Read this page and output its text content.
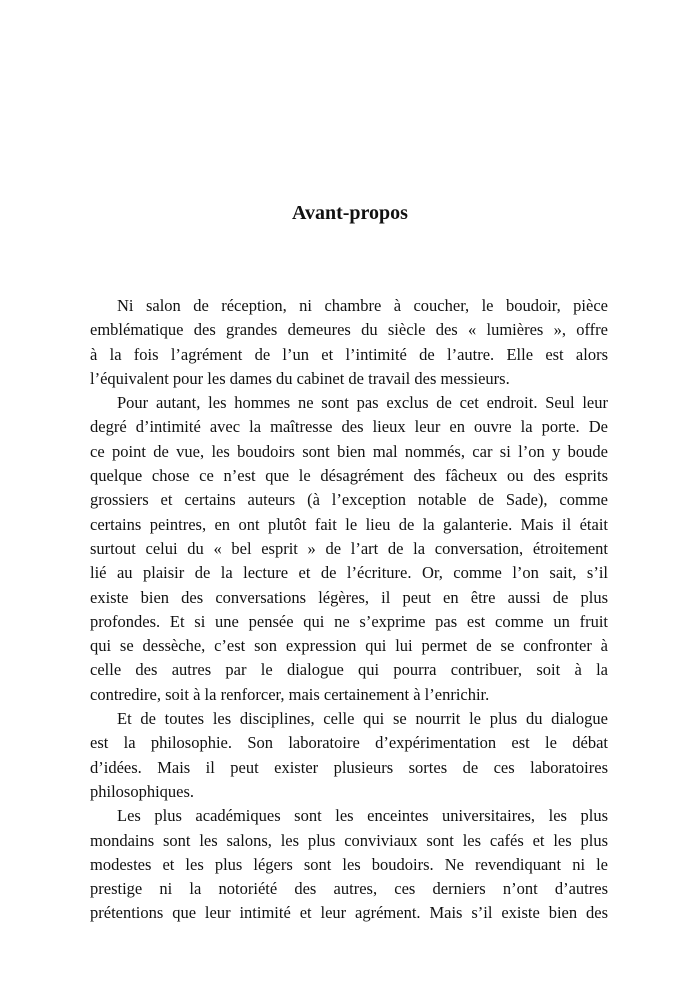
Avant-propos

Ni salon de réception, ni chambre à coucher, le boudoir, pièce
emblématique des grandes demeures du siècle des « lumières », offre
à la fois l’agrément de l’un et l’intimité de l’autre. Elle est alors
l’équivalent pour les dames du cabinet de travail des messieurs.

Pour autant, les hommes ne sont pas exclus de cet endroit. Seul leur
degré d’intimité avec la maîtresse des lieux leur en ouvre la porte. De
ce point de vue, les boudoirs sont bien mal nommés, car si l’on y boude
quelque chose ce n’est que le désagrément des fâcheux ou des esprits
grossiers et certains auteurs (à l’exception notable de Sade), comme
certains peintres, en ont plutôt fait le lieu de la galanterie. Mais il était
surtout celui du « bel esprit » de l’art de la conversation, étroitement
lié au plaisir de la lecture et de l’écriture. Or, comme l’on sait, s’il
existe bien des conversations légères, il peut en être aussi de plus
profondes. Et si une pensée qui ne s’exprime pas est comme un fruit
qui se dessèche, c’est son expression qui lui permet de se confronter à
celle des autres par le dialogue qui pourra contribuer, soit à la
contredire, soit à la renforcer, mais certainement à l’enrichir.

Et de toutes les disciplines, celle qui se nourrit le plus du dialogue
est la philosophie. Son laboratoire d’expérimentation est le débat
d’idées. Mais il peut exister plusieurs sortes de ces laboratoires
philosophiques.

Les plus académiques sont les enceintes universitaires, les plus
mondains sont les salons, les plus conviviaux sont les cafés et les plus
modestes et les plus légers sont les boudoirs. Ne revendiquant ni le
prestige ni la notoriété des autres, ces derniers n’ont d’autres
prétentions que leur intimité et leur agrément. Mais s’il existe bien des
